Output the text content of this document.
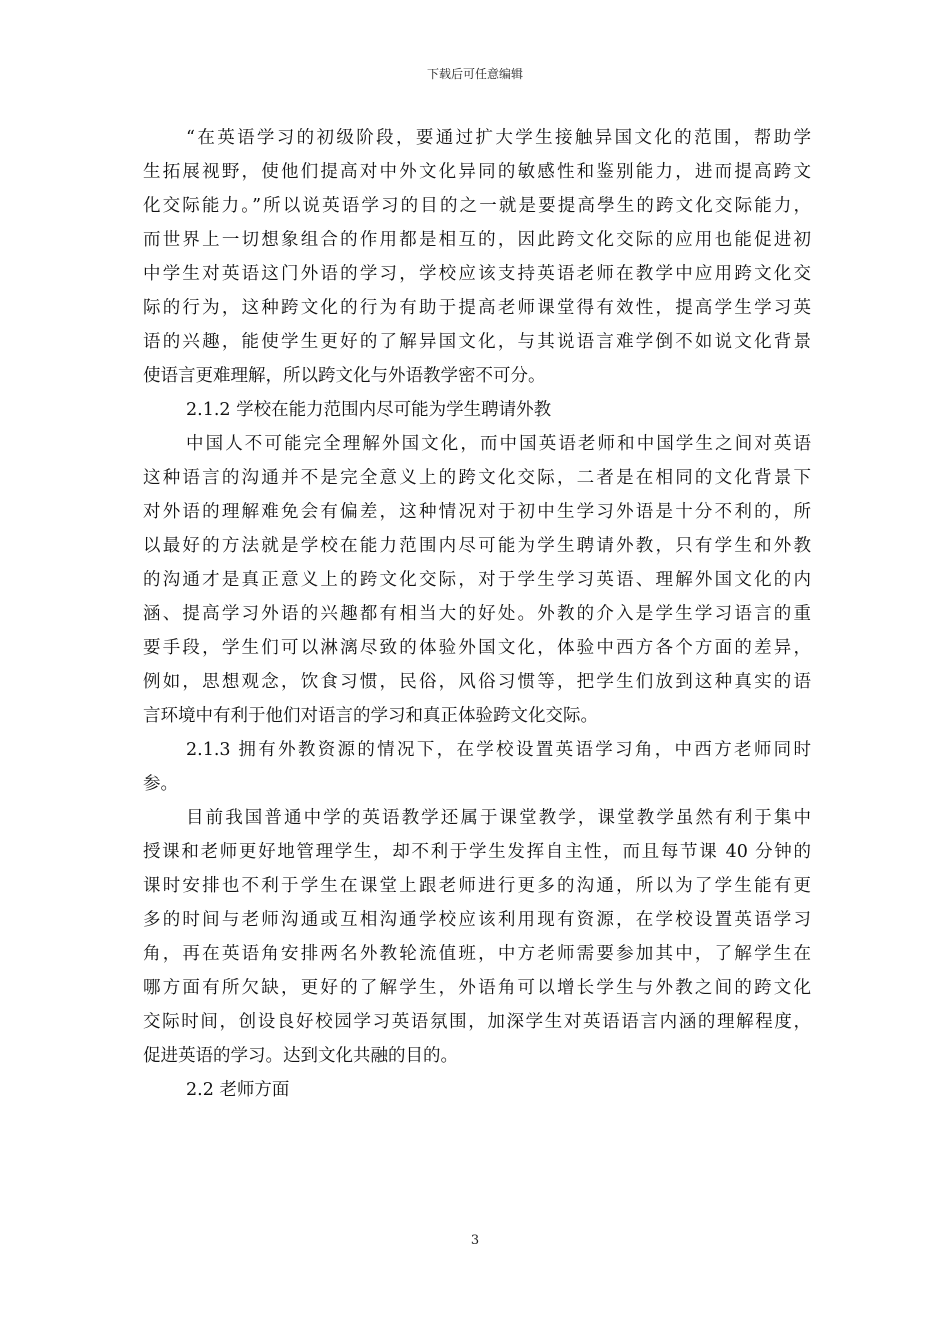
下载后可任意编辑
“在英语学习的初级阶段，要通过扩大学生接触异国文化的范围，帮助学
生拓展视野，使他们提高对中外文化异同的敏感性和鉴别能力，进而提高跨文
化交际能力。”所以说英语学习的目的之一就是要提高學生的跨文化交际能力，
而世界上一切想象组合的作用都是相互的，因此跨文化交际的应用也能促进初
中学生对英语这门外语的学习，学校应该支持英语老师在教学中应用跨文化交
际的行为，这种跨文化的行为有助于提高老师课堂得有效性，提高学生学习英
语的兴趣，能使学生更好的了解异国文化，与其说语言难学倒不如说文化背景
使语言更难理解，所以跨文化与外语教学密不可分。
2.1.2 学校在能力范围内尽可能为学生聘请外教
中国人不可能完全理解外国文化，而中国英语老师和中国学生之间对英语
这种语言的沟通并不是完全意义上的跨文化交际，二者是在相同的文化背景下
对外语的理解难免会有偏差，这种情况对于初中生学习外语是十分不利的，所
以最好的方法就是学校在能力范围内尽可能为学生聘请外教，只有学生和外教
的沟通才是真正意义上的跨文化交际，对于学生学习英语、理解外国文化的内
涵、提高学习外语的兴趣都有相当大的好处。外教的介入是学生学习语言的重
要手段，学生们可以淋漓尽致的体验外国文化，体验中西方各个方面的差异，
例如，思想观念，饮食习惯，民俗，风俗习惯等，把学生们放到这种真实的语
言环境中有利于他们对语言的学习和真正体验跨文化交际。
2.1.3 拥有外教资源的情况下，在学校设置英语学习角，中西方老师同时
参。
目前我国普通中学的英语教学还属于课堂教学，课堂教学虽然有利于集中
授课和老师更好地管理学生，却不利于学生发挥自主性，而且每节课 40 分钟的
课时安排也不利于学生在课堂上跟老师进行更多的沟通，所以为了学生能有更
多的时间与老师沟通或互相沟通学校应该利用现有资源，在学校设置英语学习
角，再在英语角安排两名外教轮流值班，中方老师需要参加其中，了解学生在
哪方面有所欠缺，更好的了解学生，外语角可以增长学生与外教之间的跨文化
交际时间，创设良好校园学习英语氛围，加深学生对英语语言内涵的理解程度，
促进英语的学习。达到文化共融的目的。
2.2 老师方面
3
